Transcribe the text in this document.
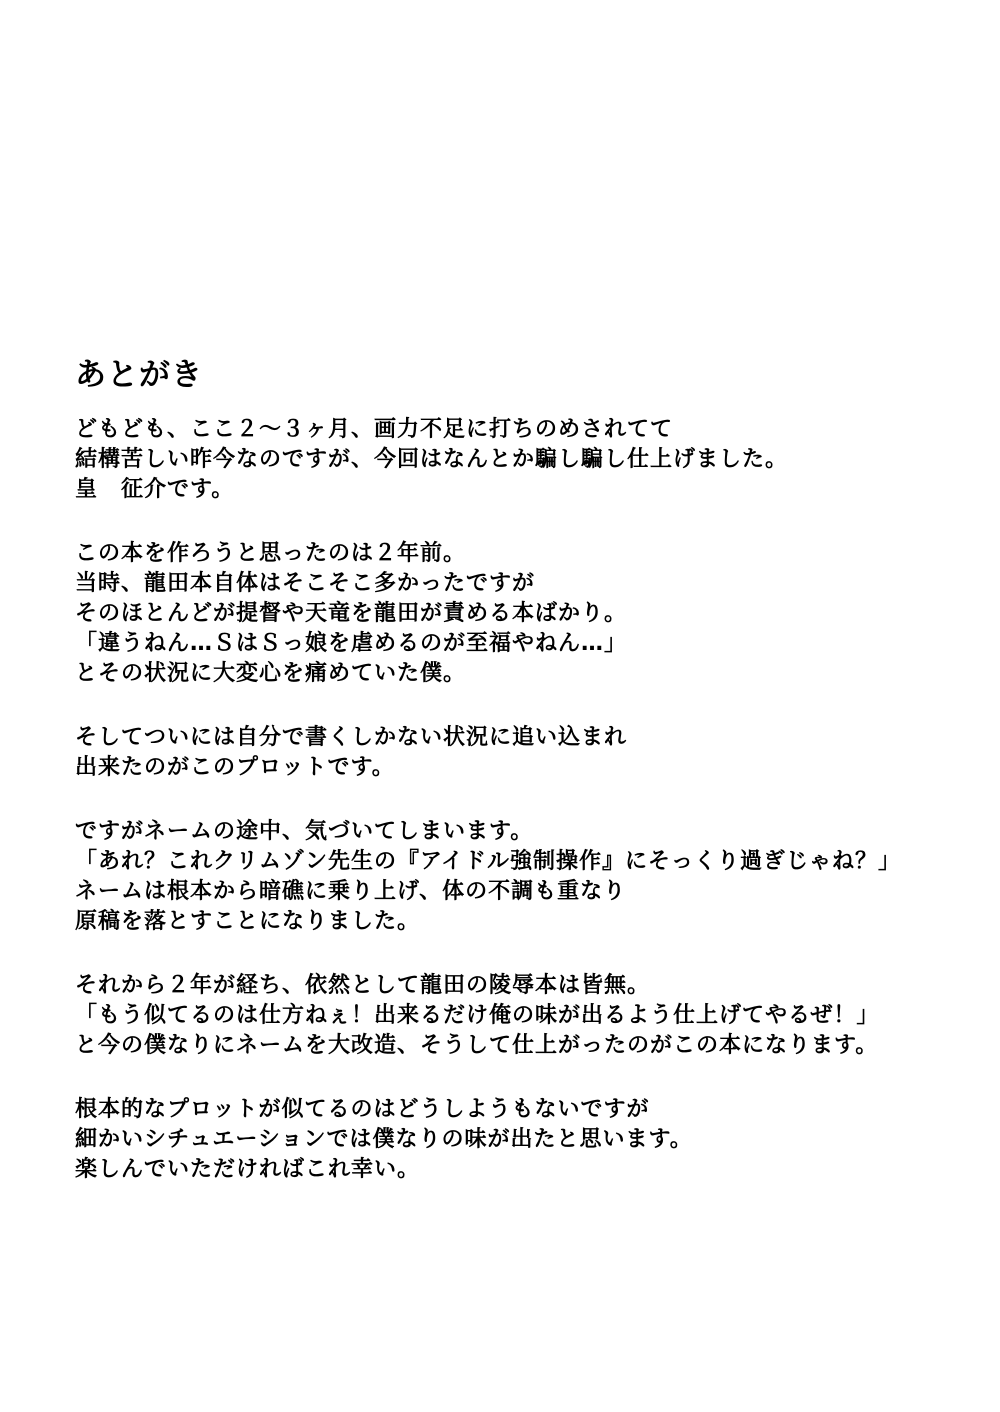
あとがき
どもども、ここ２～３ヶ月、画力不足に打ちのめされてて
結構苦しい昨今なのですが、今回はなんとか騙し騙し仕上げました。
皇　征介です。
この本を作ろうと思ったのは２年前。
当時、龍田本自体はそこそこ多かったですが
そのほとんどが提督や天竜を龍田が責める本ばかり。
「違うねん…ＳはＳっ娘を虐めるのが至福やねん…」
とその状況に大変心を痛めていた僕。
そしてついには自分で書くしかない状況に追い込まれ
出来たのがこのプロットです。
ですがネームの途中、気づいてしまいます。
「あれ？これクリムゾン先生の『アイドル強制操作』にそっくり過ぎじゃね？」
ネームは根本から暗礁に乗り上げ、体の不調も重なり
原稿を落とすことになりました。
それから２年が経ち、依然として龍田の陵辱本は皆無。
「もう似てるのは仕方ねぇ！出来るだけ俺の味が出るよう仕上げてやるぜ！」
と今の僕なりにネームを大改造、そうして仕上がったのがこの本になります。
根本的なプロットが似てるのはどうしようもないですが
細かいシチュエーションでは僕なりの味が出たと思います。
楽しんでいただければこれ幸い。
